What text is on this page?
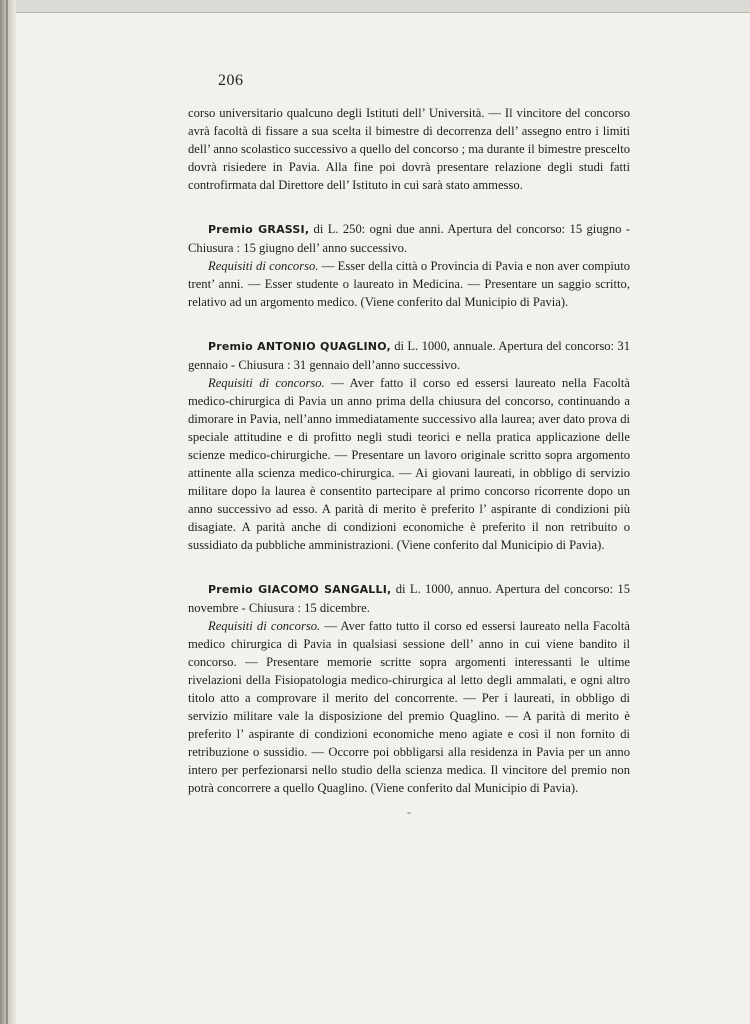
206

corso universitario qualcuno degli Istituti dell’ Università. — Il vincitore del concorso avrà facoltà di fissare a sua scelta il bimestre di decorrenza dell’ assegno entro i limiti dell’ anno scolastico successivo a quello del concorso ; ma durante il bimestre prescelto dovrà risiedere in Pavia. Alla fine poi dovrà presentare relazione degli studi fatti controfirmata dal Direttore dell’ Istituto in cui sarà stato ammesso.

Premio GRASSI, di L. 250: ogni due anni. Apertura del concorso: 15 giugno - Chiusura : 15 giugno dell’ anno successivo.

Requisiti di concorso. — Esser della città o Provincia di Pavia e non aver compiuto trent’ anni. — Esser studente o laureato in Medicina. — Presentare un saggio scritto, relativo ad un argomento medico. (Viene conferito dal Municipio di Pavia).

Premio ANTONIO QUAGLINO, di L. 1000, annuale. Apertura del concorso: 31 gennaio - Chiusura : 31 gennaio dell’anno successivo.

Requisiti di concorso. — Aver fatto il corso ed essersi laureato nella Facoltà medico-chirurgica di Pavia un anno prima della chiusura del concorso, continuando a dimorare in Pavia, nell’anno immediatamente successivo alla laurea; aver dato prova di speciale attitudine e di profitto negli studi teorici e nella pratica applicazione delle scienze medico-chirurgiche. — Presentare un lavoro originale scritto sopra argomento attinente alla scienza medico-chirurgica. — Ai giovani laureati, in obbligo di servizio militare dopo la laurea è consentito partecipare al primo concorso ricorrente dopo un anno successivo ad esso. A parità di merito è preferito l’ aspirante di condizioni più disagiate. A parità anche di condizioni economiche è preferito il non retribuito o sussidiato da pubbliche amministrazioni. (Viene conferito dal Municipio di Pavia).

Premio GIACOMO SANGALLI, di L. 1000, annuo. Apertura del concorso: 15 novembre - Chiusura : 15 dicembre.

Requisiti di concorso. — Aver fatto tutto il corso ed essersi laureato nella Facoltà medico chirurgica di Pavia in qualsiasi sessione dell’ anno in cui viene bandito il concorso. — Presentare memorie scritte sopra argomenti interessanti le ultime rivelazioni della Fisiopatologia medico-chirurgica al letto degli ammalati, e ogni altro titolo atto a comprovare il merito del concorrente. — Per i laureati, in obbligo di servizio militare vale la disposizione del premio Quaglino. — A parità di merito è preferito l’ aspirante di condizioni economiche meno agiate e così il non fornito di retribuzione o sussidio. — Occorre poi obbligarsi alla residenza in Pavia per un anno intero per perfezionarsi nello studio della scienza medica. Il vincitore del premio non potrà concorrere a quello Quaglino. (Viene conferito dal Municipio di Pavia).

‐
